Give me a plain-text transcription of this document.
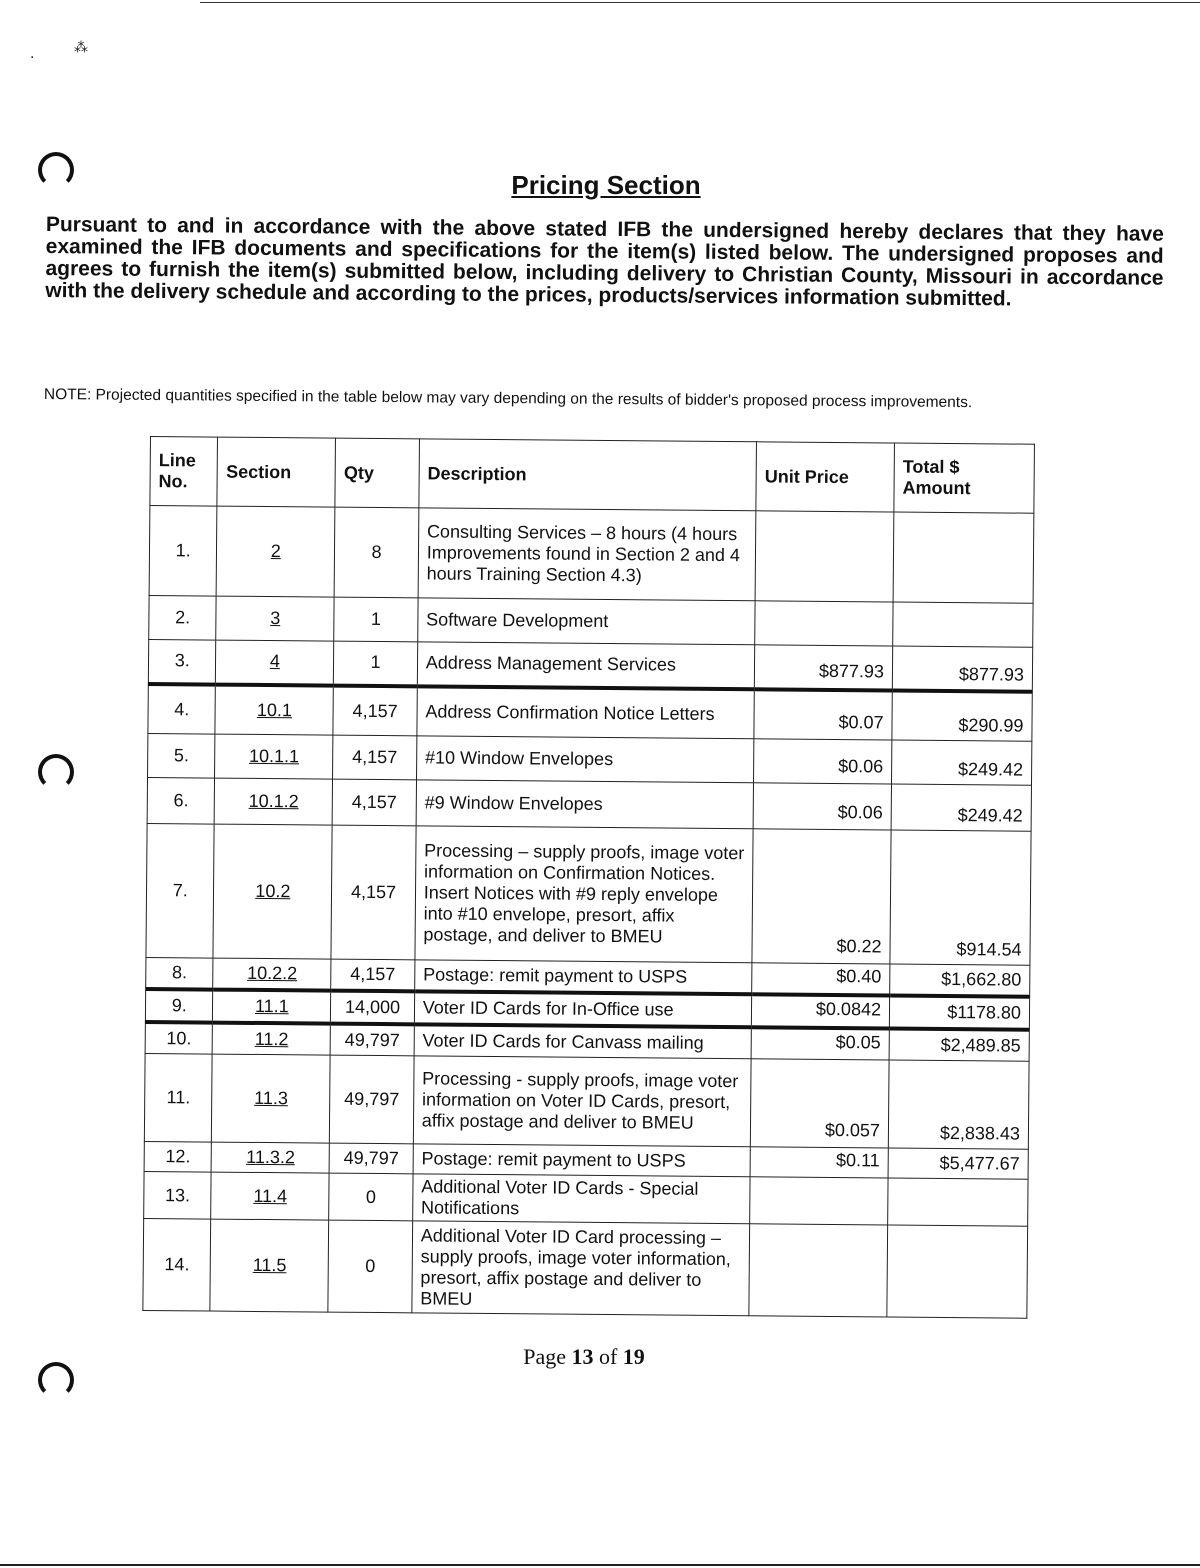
·
⁂
Pricing Section
Pursuant to and in accordance with the above stated IFB the undersigned hereby declares that they have examined the IFB documents and specifications for the item(s) listed below. The undersigned proposes and agrees to furnish the item(s) submitted below, including delivery to Christian County, Missouri in accordance with the delivery schedule and according to the prices, products/services information submitted.
NOTE: Projected quantities specified in the table below may vary depending on the results of bidder's proposed process improvements.
Line No.	Section	Qty	Description	Unit Price	Total $ Amount
1.	2	8	Consulting Services – 8 hours (4 hours Improvements found in Section 2 and 4 hours Training Section 4.3)		
2.	3	1	Software Development		
3.	4	1	Address Management Services	$877.93	$877.93
4.	10.1	4,157	Address Confirmation Notice Letters	$0.07	$290.99
5.	10.1.1	4,157	#10 Window Envelopes	$0.06	$249.42
6.	10.1.2	4,157	#9 Window Envelopes	$0.06	$249.42
7.	10.2	4,157	Processing – supply proofs, image voter information on Confirmation Notices. Insert Notices with #9 reply envelope into #10 envelope, presort, affix postage, and deliver to BMEU	$0.22	$914.54
8.	10.2.2	4,157	Postage: remit payment to USPS	$0.40	$1,662.80
9.	11.1	14,000	Voter ID Cards for In-Office use	$0.0842	$1178.80
10.	11.2	49,797	Voter ID Cards for Canvass mailing	$0.05	$2,489.85
11.	11.3	49,797	Processing - supply proofs, image voter information on Voter ID Cards, presort, affix postage and deliver to BMEU	$0.057	$2,838.43
12.	11.3.2	49,797	Postage: remit payment to USPS	$0.11	$5,477.67
13.	11.4	0	Additional Voter ID Cards - Special Notifications		
14.	11.5	0	Additional Voter ID Card processing – supply proofs, image voter information, presort, affix postage and deliver to BMEU		
Page 13 of 19
